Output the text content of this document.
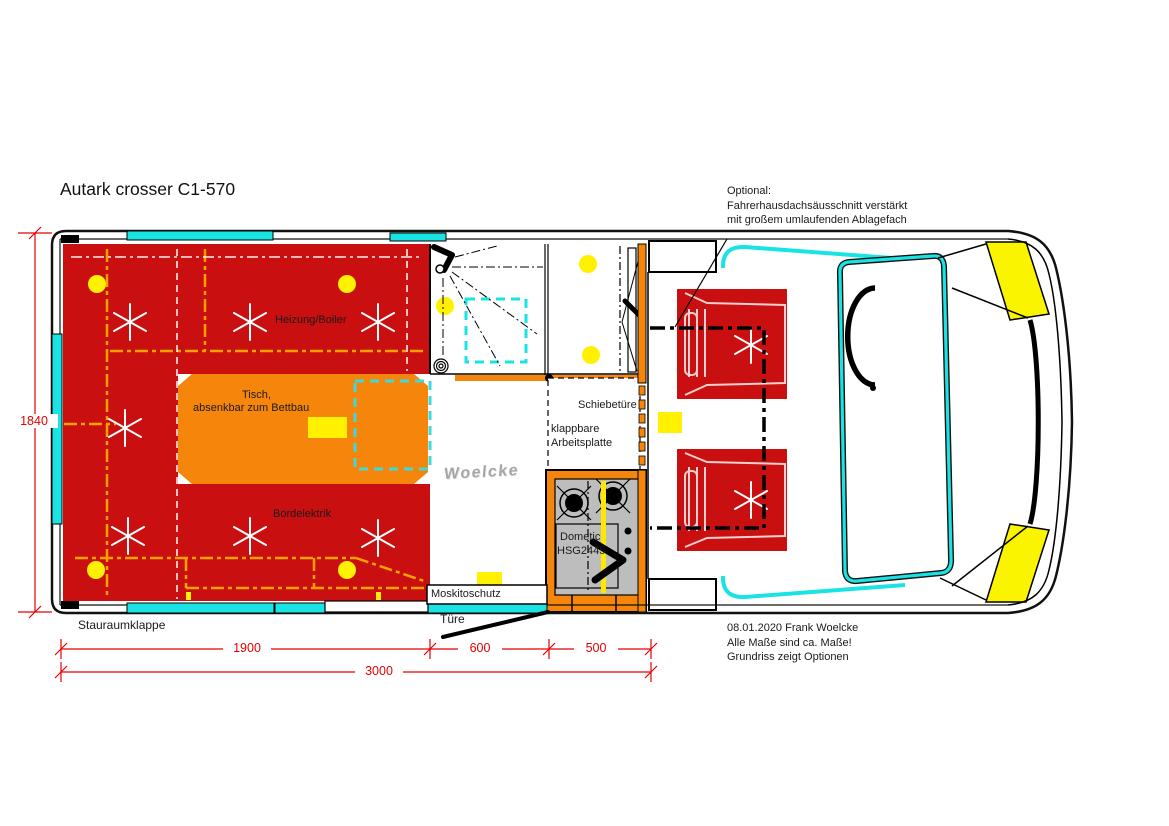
Autark crosser C1-570	Optional:
Fahrerhausdachsäusschnitt verstärkt
mit großem umlaufenden Ablagefach
08.01.2020 Frank Woelcke
Alle Maße sind ca. Maße!
Grundriss zeigt Optionen
Heizung/Boiler
Tisch,
absenkbar zum Bettbau
Bordelektrik
Schiebetüre
klappbare
Arbeitsplatte
Dometic
HSG2445
Moskitoschutz
Türe
Stauraumklappe
Woelcke
1840
1900	600	500
3000
